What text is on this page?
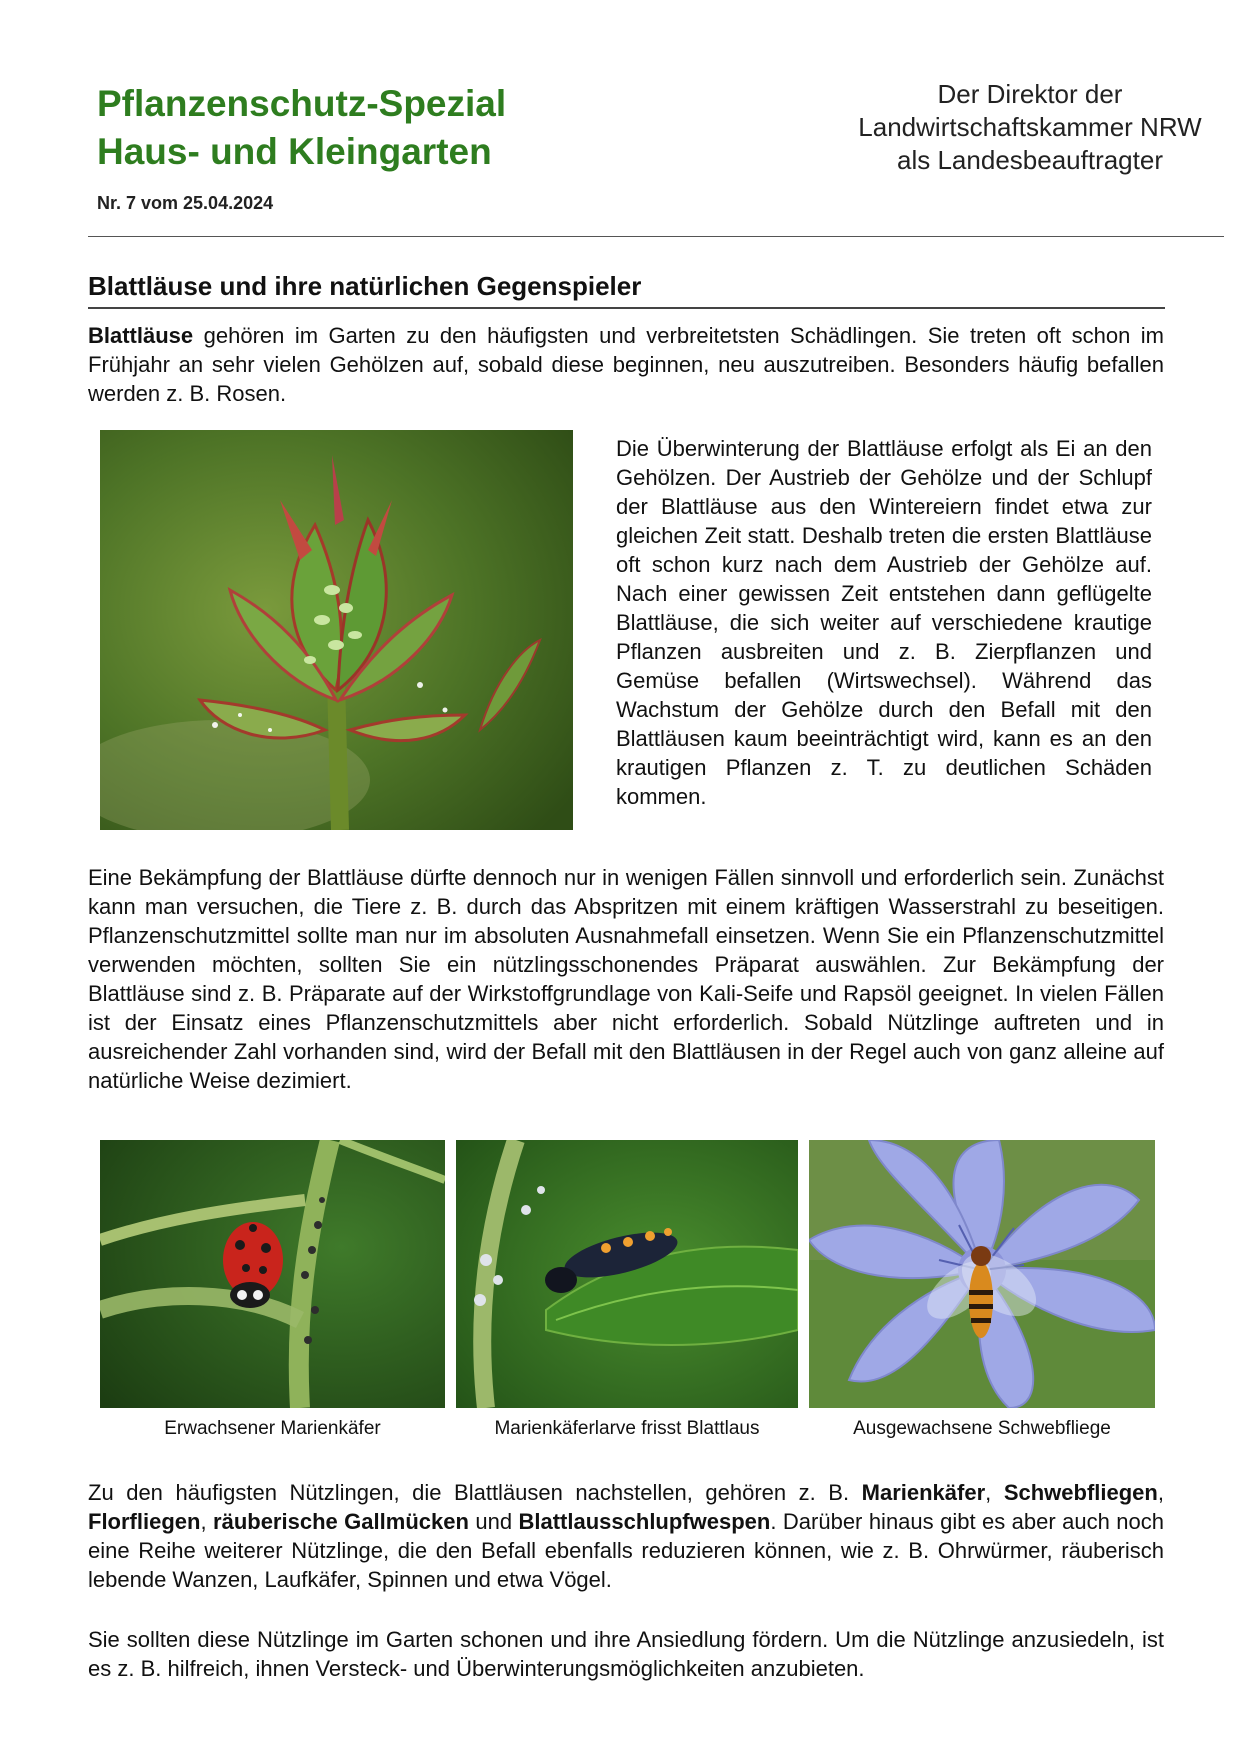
Pflanzenschutz-Spezial
Haus- und Kleingarten
Der Direktor der
Landwirtschaftskammer NRW
als Landesbeauftragter
Nr. 7 vom 25.04.2024
Blattläuse und ihre natürlichen Gegenspieler
Blattläuse gehören im Garten zu den häufigsten und verbreitetsten Schädlingen. Sie treten oft schon im Frühjahr an sehr vielen Gehölzen auf, sobald diese beginnen, neu auszutreiben. Besonders häufig befallen werden z. B. Rosen.
Die Überwinterung der Blattläuse erfolgt als Ei an den Gehölzen. Der Austrieb der Gehölze und der Schlupf der Blattläuse aus den Wintereiern findet etwa zur gleichen Zeit statt. Deshalb treten die ersten Blattläuse oft schon kurz nach dem Austrieb der Gehölze auf. Nach einer gewissen Zeit entstehen dann geflügelte Blattläuse, die sich weiter auf verschiedene krautige Pflanzen ausbreiten und z. B. Zierpflanzen und Gemüse befallen (Wirtswechsel). Während das Wachstum der Gehölze durch den Befall mit den Blattläusen kaum beeinträchtigt wird, kann es an den krautigen Pflanzen z. T. zu deutlichen Schäden kommen.
Eine Bekämpfung der Blattläuse dürfte dennoch nur in wenigen Fällen sinnvoll und erforderlich sein. Zunächst kann man versuchen, die Tiere z. B. durch das Abspritzen mit einem kräftigen Wasserstrahl zu beseitigen. Pflanzenschutzmittel sollte man nur im absoluten Ausnahmefall einsetzen. Wenn Sie ein Pflanzenschutzmittel verwenden möchten, sollten Sie ein nützlingsschonendes Präparat auswählen. Zur Bekämpfung der Blattläuse sind z. B. Präparate auf der Wirkstoffgrundlage von Kali-Seife und Rapsöl geeignet. In vielen Fällen ist der Einsatz eines Pflanzenschutzmittels aber nicht erforderlich. Sobald Nützlinge auftreten und in ausreichender Zahl vorhanden sind, wird der Befall mit den Blattläusen in der Regel auch von ganz alleine auf natürliche Weise dezimiert.
Erwachsener Marienkäfer	Marienkäferlarve frisst Blattlaus	Ausgewachsene Schwebfliege
Zu den häufigsten Nützlingen, die Blattläusen nachstellen, gehören z. B. Marienkäfer, Schwebfliegen, Florfliegen, räuberische Gallmücken und Blattlausschlupfwespen. Darüber hinaus gibt es aber auch noch eine Reihe weiterer Nützlinge, die den Befall ebenfalls reduzieren können, wie z. B. Ohrwürmer, räuberisch lebende Wanzen, Laufkäfer, Spinnen und etwa Vögel.
Sie sollten diese Nützlinge im Garten schonen und ihre Ansiedlung fördern. Um die Nützlinge anzusiedeln, ist es z. B. hilfreich, ihnen Versteck- und Überwinterungsmöglichkeiten anzubieten.
